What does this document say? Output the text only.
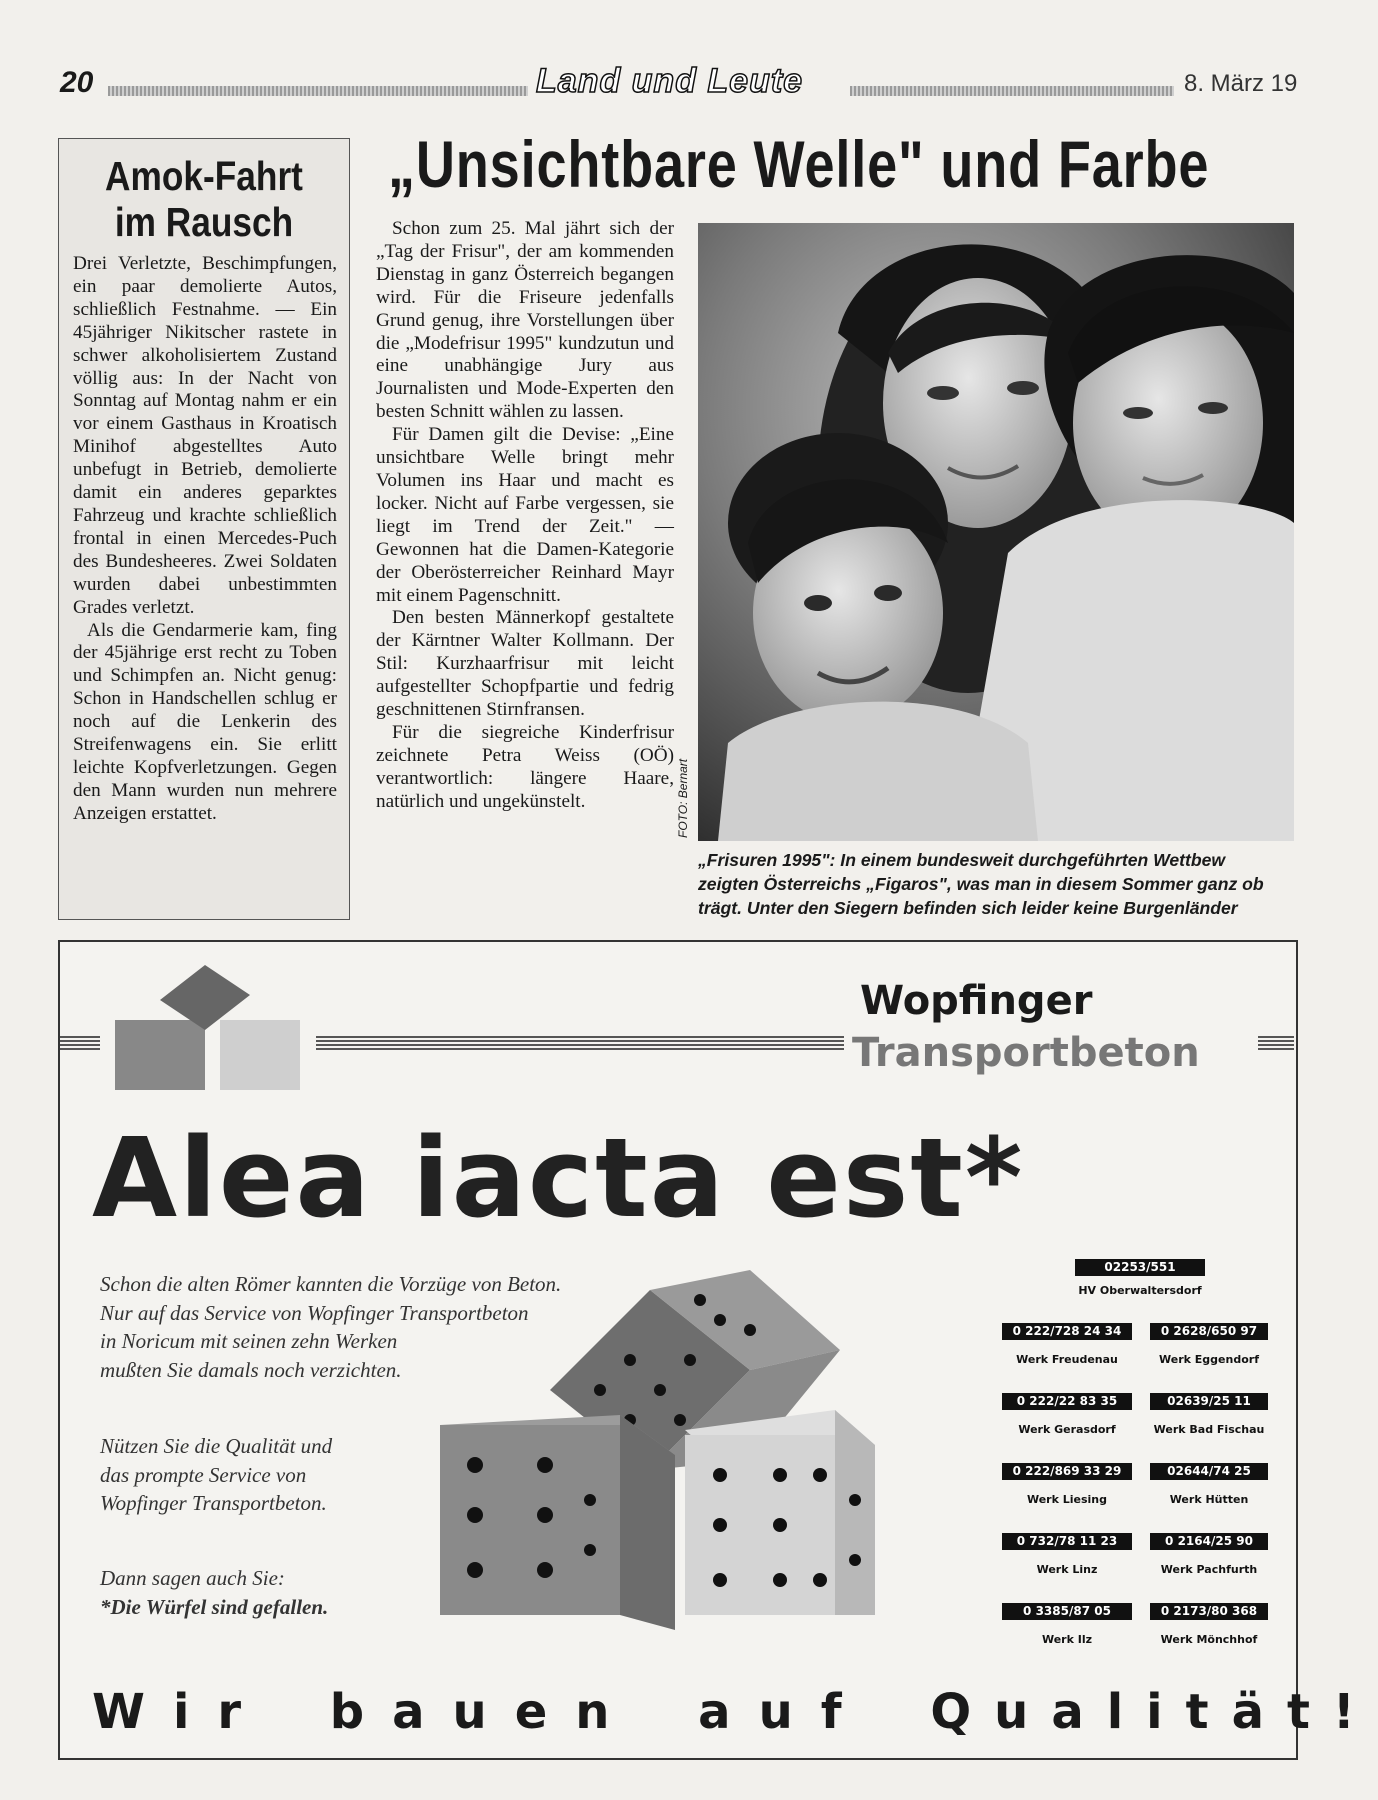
20	Land und Leute	8. März 19
Amok-Fahrt
im Rausch

Drei Verletzte, Beschimpfungen, ein paar demolierte Autos, schließlich Festnahme. — Ein 45jähriger Nikitscher rastete in schwer alkoholisiertem Zustand völlig aus: In der Nacht von Sonntag auf Montag nahm er ein vor einem Gasthaus in Kroatisch Minihof abgestelltes Auto unbefugt in Betrieb, demolierte damit ein anderes geparktes Fahrzeug und krachte schließlich frontal in einen Mercedes-Puch des Bundesheeres. Zwei Soldaten wurden dabei unbestimmten Grades verletzt.

Als die Gendarmerie kam, fing der 45jährige erst recht zu Toben und Schimpfen an. Nicht genug: Schon in Handschellen schlug er noch auf die Lenkerin des Streifenwagens ein. Sie erlitt leichte Kopfverletzungen. Gegen den Mann wurden nun mehrere Anzeigen erstattet.

„Unsichtbare Welle" und Farbe

Schon zum 25. Mal jährt sich der „Tag der Frisur", der am kommenden Dienstag in ganz Österreich begangen wird. Für die Friseure jedenfalls Grund genug, ihre Vorstellungen über die „Modefrisur 1995" kundzutun und eine unabhängige Jury aus Journalisten und Mode-Experten den besten Schnitt wählen zu lassen.

Für Damen gilt die Devise: „Eine unsichtbare Welle bringt mehr Volumen ins Haar und macht es locker. Nicht auf Farbe vergessen, sie liegt im Trend der Zeit." — Gewonnen hat die Damen-Kategorie der Oberösterreicher Reinhard Mayr mit einem Pagenschnitt.

Den besten Männerkopf gestaltete der Kärntner Walter Kollmann. Der Stil: Kurzhaarfrisur mit leicht aufgestellter Schopfpartie und fedrig geschnittenen Stirnfransen.

Für die siegreiche Kinderfrisur zeichnete Petra Weiss (OÖ) verantwortlich: längere Haare, natürlich und ungekünstelt.	FOTO: Bernart
„Frisuren 1995": In einem bundesweit durchgeführten Wettbew
zeigten Österreichs „Figaros", was man in diesem Sommer ganz ob
trägt. Unter den Siegern befinden sich leider keine Burgenländer
Wopfinger
Transportbeton
Alea iacta est*
Schon die alten Römer kannten die Vorzüge von Beton.
Nur auf das Service von Wopfinger Transportbeton
in Noricum mit seinen zehn Werken
mußten Sie damals noch verzichten.
Nützen Sie die Qualität und
das prompte Service von
Wopfinger Transportbeton.
Dann sagen auch Sie:
*Die Würfel sind gefallen.
02253/551
HV Oberwaltersdorf
0 222/728 24 34
Werk Freudenau
0 2628/650 97
Werk Eggendorf
0 222/22 83 35
Werk Gerasdorf
02639/25 11
Werk Bad Fischau
0 222/869 33 29
Werk Liesing
02644/74 25
Werk Hütten
0 732/78 11 23
Werk Linz
0 2164/25 90
Werk Pachfurth
0 3385/87 05
Werk Ilz
0 2173/80 368
Werk Mönchhof
Wir bauen auf Qualität!
